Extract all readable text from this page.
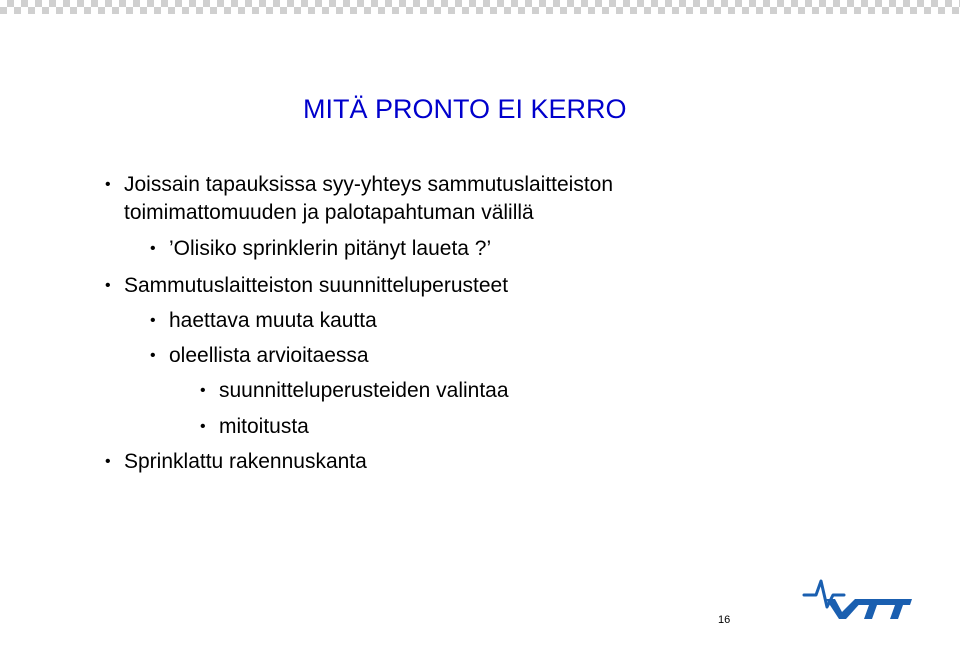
MITÄ PRONTO EI KERRO
• Joissain tapauksissa syy-yhteys sammutuslaitteiston
toimimattomuuden ja palotapahtuman välillä
• ’Olisiko sprinklerin pitänyt laueta ?’
• Sammutuslaitteiston suunnitteluperusteet
• haettava muuta kautta
• oleellista arvioitaessa
• suunnitteluperusteiden valintaa
• mitoitusta
• Sprinklattu rakennuskanta
16
